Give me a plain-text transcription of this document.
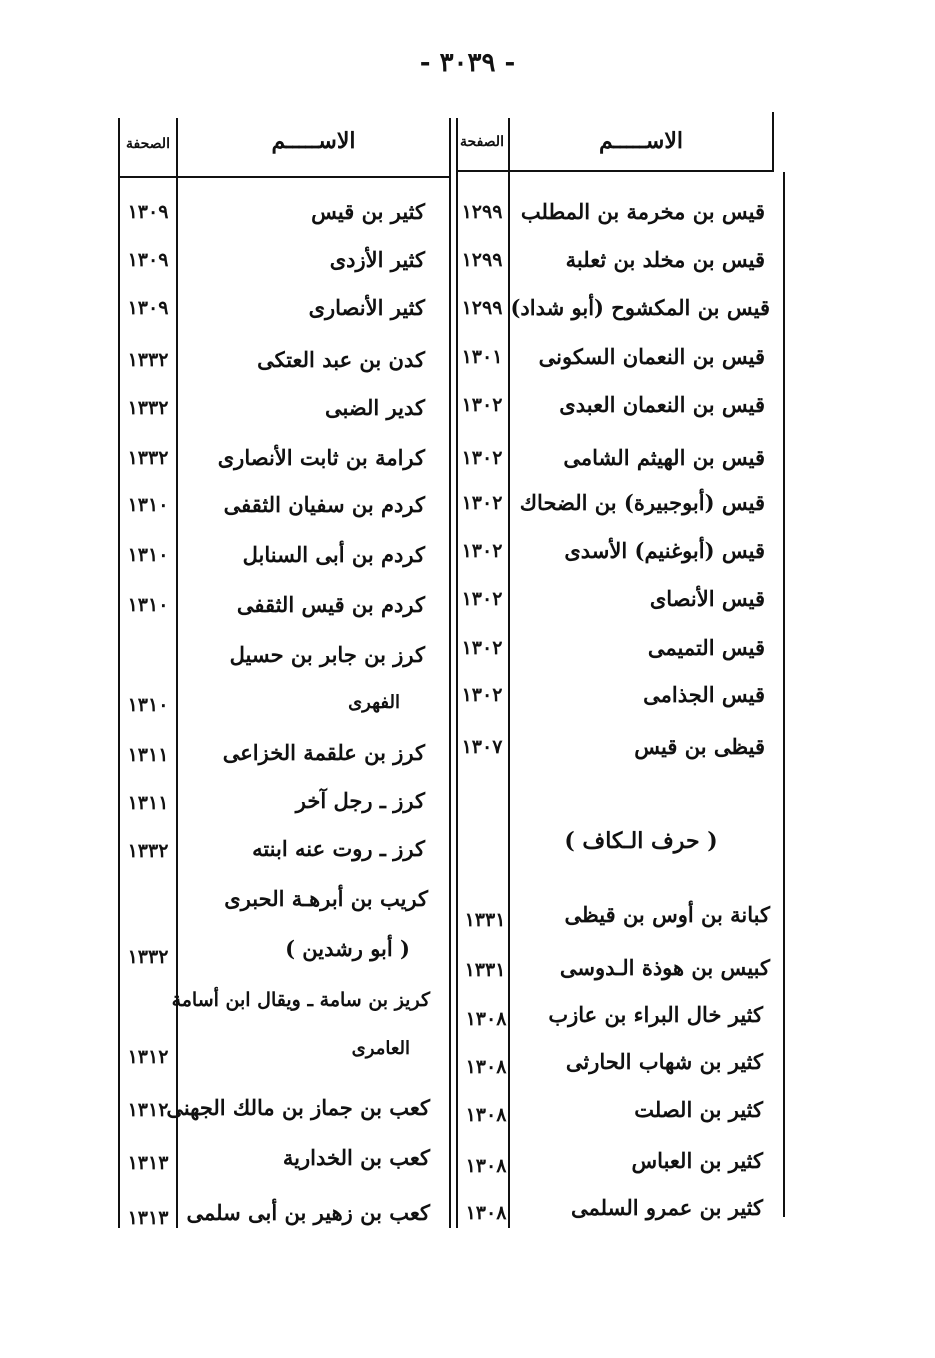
- ٣٠٣٩ -
الاســـــم
الصفحة
الاســـــم
الصحفة
قيس بن مخرمة بن المطلب
١٢٩٩
قيس بن مخلد بن ثعلبة
١٢٩٩
قيس بن المكشوح (أبو شداد)
١٢٩٩
قيس بن النعمان السكونى
١٣٠١
قيس بن النعمان العبدى
١٣٠٢
قيس بن الهيثم الشامى
١٣٠٢
قيس (أبوجبيرة) بن الضحاك
١٣٠٢
قيس (أبوغنيم) الأسدى
١٣٠٢
قيس الأنصاى
١٣٠٢
قيس التميمى
١٣٠٢
قيس الجذامى
١٣٠٢
قيظى بن قيس
١٣٠٧
( حرف الـكاف )
كبانة بن أوس بن قيظى
١٣٣١
كبيس بن هوذة الـدوسى
١٣٣١
كثير خال البراء بن عازب
١٣٠٨
كثير بن شهاب الحارثى
١٣٠٨
كثير بن الصلت
١٣٠٨
كثير بن العباس
١٣٠٨
كثير بن عمرو السلمى
١٣٠٨
كثير بن قيس
١٣٠٩
كثير الأزدى
١٣٠٩
كثير الأنصارى
١٣٠٩
كدن بن عبد العتكى
١٣٣٢
كدير الضبى
١٣٣٢
كرامة بن ثابت الأنصارى
١٣٣٢
كردم بن سفيان الثقفى
١٣١٠
كردم بن أبى السنابل
١٣١٠
كردم بن قيس الثقفى
١٣١٠
كرز بن جابر بن حسيل
الفهرى
١٣١٠
كرز بن علقمة الخزاعى
١٣١١
كرز ـ رجل آخر
١٣١١
كرز ـ روت عنه ابنته
١٣٣٢
كريب بن أبرهـة الحبرى
( أبو رشدين )
١٣٣٢
كريز بن سامة ـ ويقال ابن أسامة
العامرى
١٣١٢
كعب بن جماز بن مالك الجهنى
١٣١٢
كعب بن الخدارية
١٣١٣
كعب بن زهير بن أبى سلمى
١٣١٣
